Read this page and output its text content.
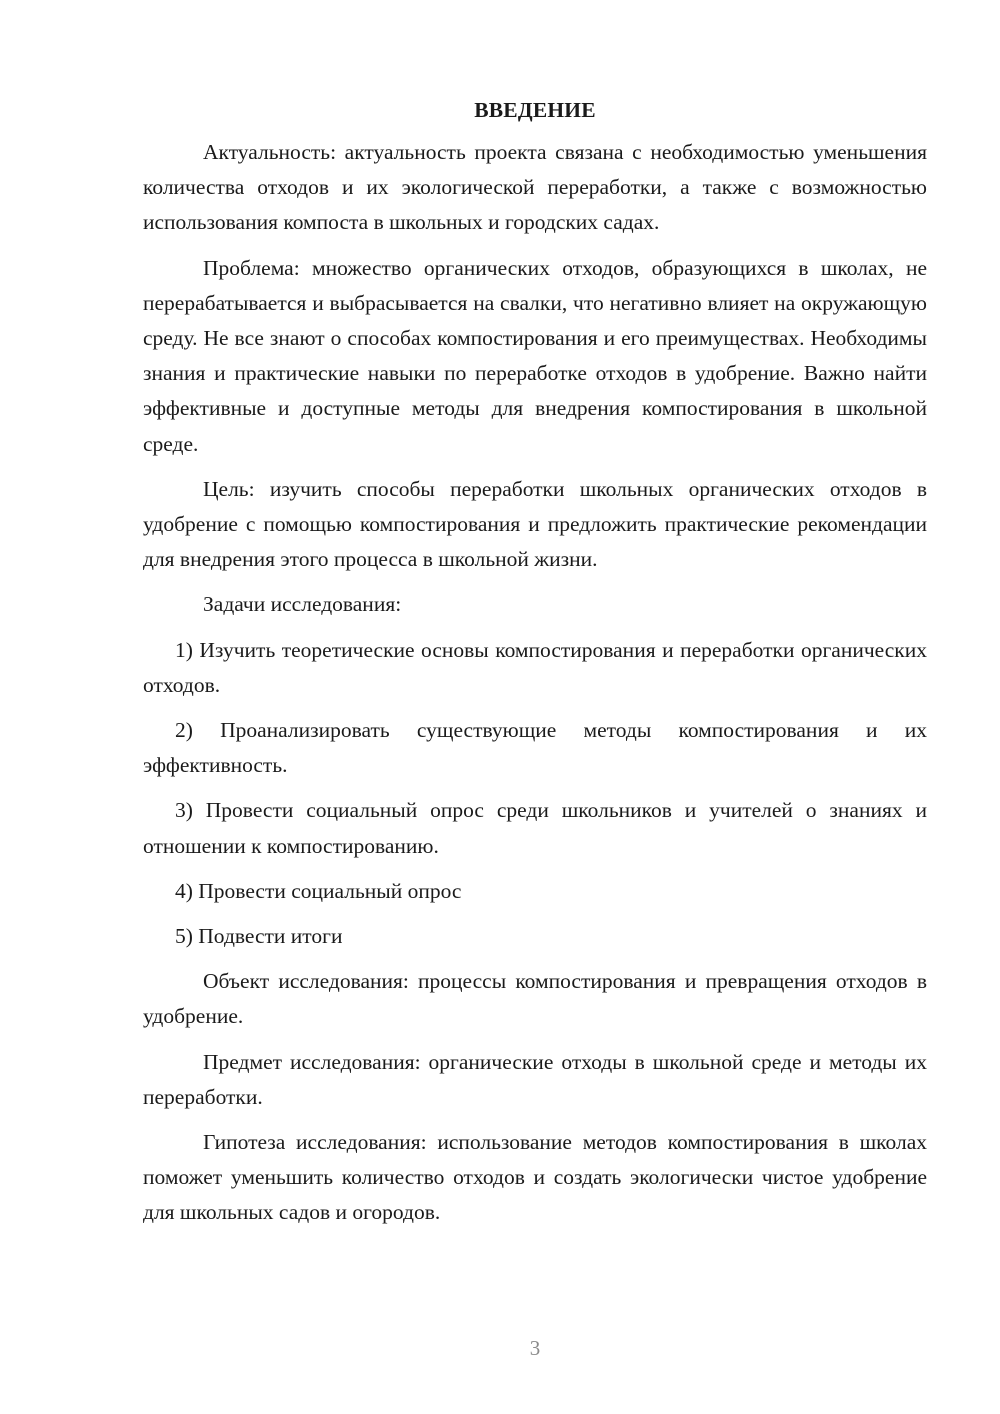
ВВЕДЕНИЕ

Актуальность: актуальность проекта связана с необходимостью уменьшения количества отходов и их экологической переработки, а также с возможностью использования компоста в школьных и городских садах.

Проблема: множество органических отходов, образующихся в школах, не перерабатывается и выбрасывается на свалки, что негативно влияет на окружающую среду. Не все знают о способах компостирования и его преимуществах. Необходимы знания и практические навыки по переработке отходов в удобрение. Важно найти эффективные и доступные методы для внедрения компостирования в школьной среде.

Цель: изучить способы переработки школьных органических отходов в удобрение с помощью компостирования и предложить практические рекомендации для внедрения этого процесса в школьной жизни.

Задачи исследования:

1) Изучить теоретические основы компостирования и переработки органических отходов.

2) Проанализировать существующие методы компостирования и их эффективность.

3) Провести социальный опрос среди школьников и учителей о знаниях и отношении к компостированию.

4) Провести социальный опрос

5) Подвести итоги

Объект исследования: процессы компостирования и превращения отходов в удобрение.

Предмет исследования: органические отходы в школьной среде и методы их переработки.

Гипотеза исследования: использование методов компостирования в школах поможет уменьшить количество отходов и создать экологически чистое удобрение для школьных садов и огородов.

3
